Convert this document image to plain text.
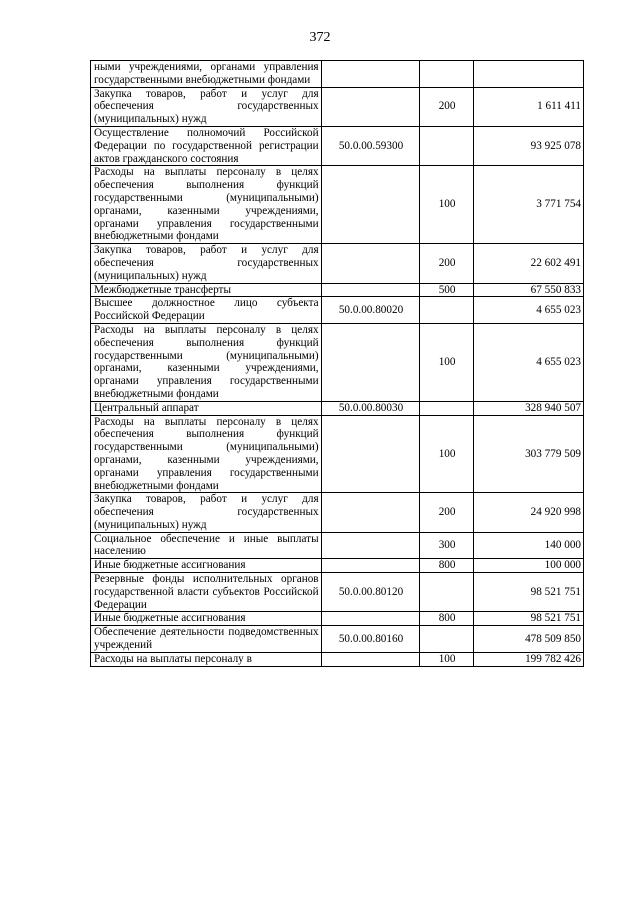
372
ными учреждениями, органами управления государственными внебюджетными фондами			
Закупка товаров, работ и услуг для обеспечения государственных (муниципальных) нужд		200	1 611 411
Осуществление полномочий Российской Федерации по государственной регистрации актов гражданского состояния	50.0.00.59300		93 925 078
Расходы на выплаты персоналу в целях обеспечения выполнения функций государственными (муниципальными) органами, казенными учреждениями, органами управления государственными внебюджетными фондами		100	3 771 754
Закупка товаров, работ и услуг для обеспечения государственных (муниципальных) нужд		200	22 602 491
Межбюджетные трансферты		500	67 550 833
Высшее должностное лицо субъекта Российской Федерации	50.0.00.80020		4 655 023
Расходы на выплаты персоналу в целях обеспечения выполнения функций государственными (муниципальными) органами, казенными учреждениями, органами управления государственными внебюджетными фондами		100	4 655 023
Центральный аппарат	50.0.00.80030		328 940 507
Расходы на выплаты персоналу в целях обеспечения выполнения функций государственными (муниципальными) органами, казенными учреждениями, органами управления государственными внебюджетными фондами		100	303 779 509
Закупка товаров, работ и услуг для обеспечения государственных (муниципальных) нужд		200	24 920 998
Социальное обеспечение и иные выплаты населению		300	140 000
Иные бюджетные ассигнования		800	100 000
Резервные фонды исполнительных органов государственной власти субъектов Российской Федерации	50.0.00.80120		98 521 751
Иные бюджетные ассигнования		800	98 521 751
Обеспечение деятельности подведомственных учреждений	50.0.00.80160		478 509 850
Расходы на выплаты персоналу в		100	199 782 426
